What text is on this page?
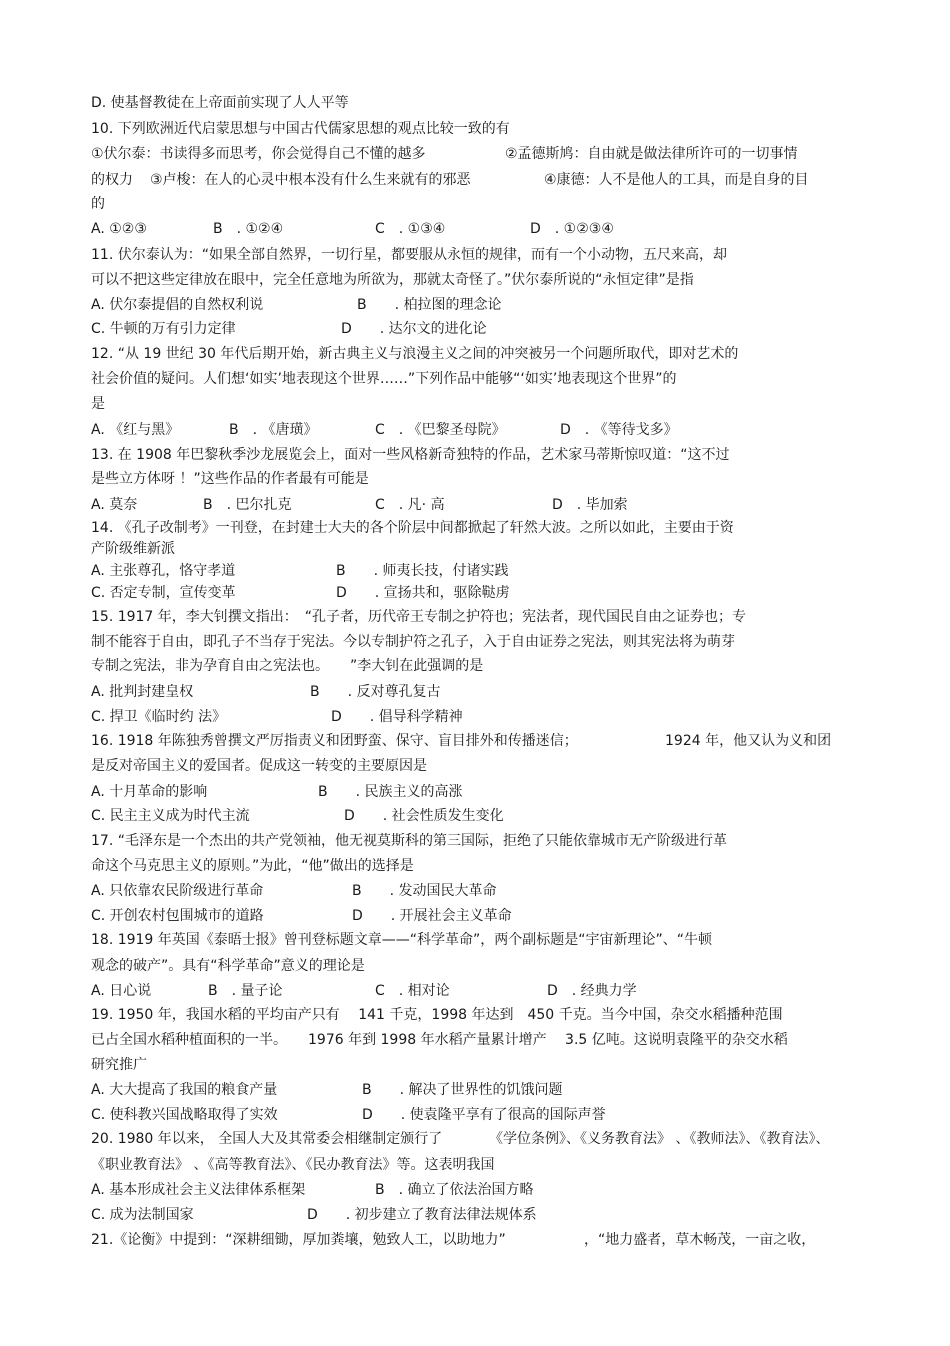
D. 使基督教徒在上帝面前实现了人人平等
10. 下列欧洲近代启蒙思想与中国古代儒家思想的观点比较一致的有
①伏尔泰：书读得多而思考，你会觉得自己不懂的越多	②孟德斯鸠：自由就是做法律所许可的一切事情
的权力 ③卢梭：在人的心灵中根本没有什么生来就有的邪恶	④康德：人不是他人的工具，而是自身的目
的
A. ①②③	B　. ①②④	C　. ①③④	D　. ①②③④
11. 伏尔泰认为：“如果全部自然界，一切行星，都要服从永恒的规律，而有一个小动物，五尺来高，却
可以不把这些定律放在眼中，完全任意地为所欲为，那就太奇怪了。”伏尔泰所说的“永恒定律”是指
A. 伏尔泰提倡的自然权利说	B　　. 柏拉图的理念论
C. 牛顿的万有引力定律	D　　. 达尔文的进化论
12. “从 19 世纪 30 年代后期开始，新古典主义与浪漫主义之间的冲突被另一个问题所取代，即对艺术的
社会价值的疑问。人们想‘如实’地表现这个世界……”下列作品中能够“‘如实’地表现这个世界”的
是
A. 《红与黑》	B　. 《唐璜》	C　. 《巴黎圣母院》	D　. 《等待戈多》
13. 在 1908 年巴黎秋季沙龙展览会上，面对一些风格新奇独特的作品，艺术家马蒂斯惊叹道：“这不过
是些立方体呀 ！”这些作品的作者最有可能是
A. 莫奈	B　. 巴尔扎克	C　. 凡· 高	D　. 毕加索
14. 《孔子改制考》一刊登，在封建士大夫的各个阶层中间都掀起了轩然大波。之所以如此，主要由于资
产阶级维新派
A. 主张尊孔，恪守孝道	B　　. 师夷长技，付诸实践
C. 否定专制，宣传变革	D　　. 宣扬共和，驱除鞑虏
15. 1917 年，李大钊撰文指出：　“孔子者，历代帝王专制之护符也；宪法者，现代国民自由之证券也；专
制不能容于自由，即孔子不当存于宪法。今以专制护符之孔子，入于自由证券之宪法，则其宪法将为萌芽
专制之宪法，非为孕育自由之宪法也。　　”李大钊在此强调的是
A. 批判封建皇权	B　　. 反对尊孔复古
C. 捍卫《临时约 法》	D　　. 倡导科学精神
16. 1918 年陈独秀曾撰文严厉指责义和团野蛮、保守、盲目排外和传播迷信；	1924 年，他又认为义和团
是反对帝国主义的爱国者。促成这一转变的主要原因是
A. 十月革命的影响	B　　. 民族主义的高涨
C. 民主主义成为时代主流	D　　. 社会性质发生变化
17. “毛泽东是一个杰出的共产党领袖，他无视莫斯科的第三国际，拒绝了只能依靠城市无产阶级进行革
命这个马克思主义的原则。”为此，“他”做出的选择是
A. 只依靠农民阶级进行革命	B　　. 发动国民大革命
C. 开创农村包围城市的道路	D　　. 开展社会主义革命
18. 1919 年英国《泰晤士报》曾刊登标题文章——“科学革命”，两个副标题是“宇宙新理论”、“牛顿
观念的破产”。具有“科学革命”意义的理论是
A. 日心说	B　. 量子论	C　. 相对论	D　. 经典力学
19. 1950 年，我国水稻的平均亩产只有　 141 千克，1998 年达到　450 千克。当今中国，杂交水稻播种范围
已占全国水稻种植面积的一半。　　1976 年到 1998 年水稻产量累计增产　 3.5 亿吨。这说明袁隆平的杂交水稻
研究推广
A. 大大提高了我国的粮食产量	B　　. 解决了世界性的饥饿问题
C. 使科教兴国战略取得了实效	D　　. 使袁隆平享有了很高的国际声誉
20. 1980 年以来， 全国人大及其常委会相继制定颁行了	《学位条例》、《义务教育法》 、《教师法》、《教育法》、
《职业教育法》 、《高等教育法》、《民办教育法》等。这表明我国
A. 基本形成社会主义法律体系框架	B　. 确立了依法治国方略
C. 成为法制国家	D　　. 初步建立了教育法律法规体系
21.《论衡》中提到：“深耕细锄，厚加粪壤，勉致人工，以助地力”	，“地力盛者，草木畅茂，一亩之收，
